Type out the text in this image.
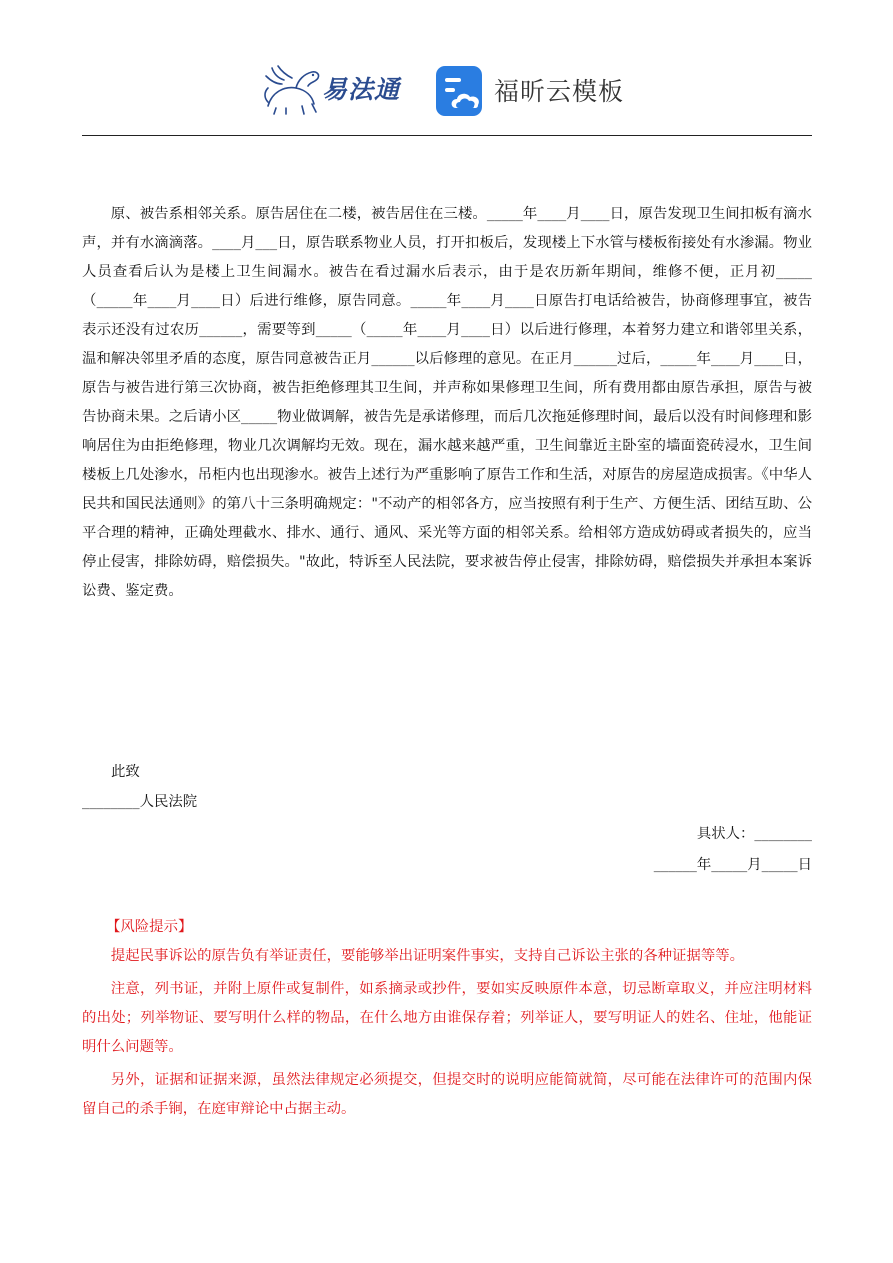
易法通	福昕云模板

原、被告系相邻关系。原告居住在二楼，被告居住在三楼。_____年____月____日，原告发现卫生间扣板有滴水声，并有水滴滴落。____月___日，原告联系物业人员，打开扣板后，发现楼上下水管与楼板衔接处有水渗漏。物业人员查看后认为是楼上卫生间漏水。被告在看过漏水后表示，由于是农历新年期间，维修不便，正月初_____（_____年____月____日）后进行维修，原告同意。_____年____月____日原告打电话给被告，协商修理事宜，被告表示还没有过农历______，需要等到_____（_____年____月____日）以后进行修理，本着努力建立和谐邻里关系，温和解决邻里矛盾的态度，原告同意被告正月______以后修理的意见。在正月______过后，_____年____月____日，原告与被告进行第三次协商，被告拒绝修理其卫生间，并声称如果修理卫生间，所有费用都由原告承担，原告与被告协商未果。之后请小区_____物业做调解，被告先是承诺修理，而后几次拖延修理时间，最后以没有时间修理和影响居住为由拒绝修理，物业几次调解均无效。现在，漏水越来越严重，卫生间靠近主卧室的墙面瓷砖浸水，卫生间楼板上几处渗水，吊柜内也出现渗水。被告上述行为严重影响了原告工作和生活，对原告的房屋造成损害。《中华人民共和国民法通则》的第八十三条明确规定："不动产的相邻各方，应当按照有利于生产、方便生活、团结互助、公平合理的精神，正确处理截水、排水、通行、通风、采光等方面的相邻关系。给相邻方造成妨碍或者损失的，应当停止侵害，排除妨碍，赔偿损失。"故此，特诉至人民法院，要求被告停止侵害，排除妨碍，赔偿损失并承担本案诉讼费、鉴定费。

此致
________人民法院
具状人：________
______年_____月_____日
【风险提示】

提起民事诉讼的原告负有举证责任，要能够举出证明案件事实，支持自己诉讼主张的各种证据等等。

注意，列书证，并附上原件或复制件，如系摘录或抄件，要如实反映原件本意，切忌断章取义，并应注明材料的出处；列举物证、要写明什么样的物品，在什么地方由谁保存着；列举证人，要写明证人的姓名、住址，他能证明什么问题等。

另外，证据和证据来源，虽然法律规定必须提交，但提交时的说明应能简就简，尽可能在法律许可的范围内保留自己的杀手锏，在庭审辩论中占据主动。
